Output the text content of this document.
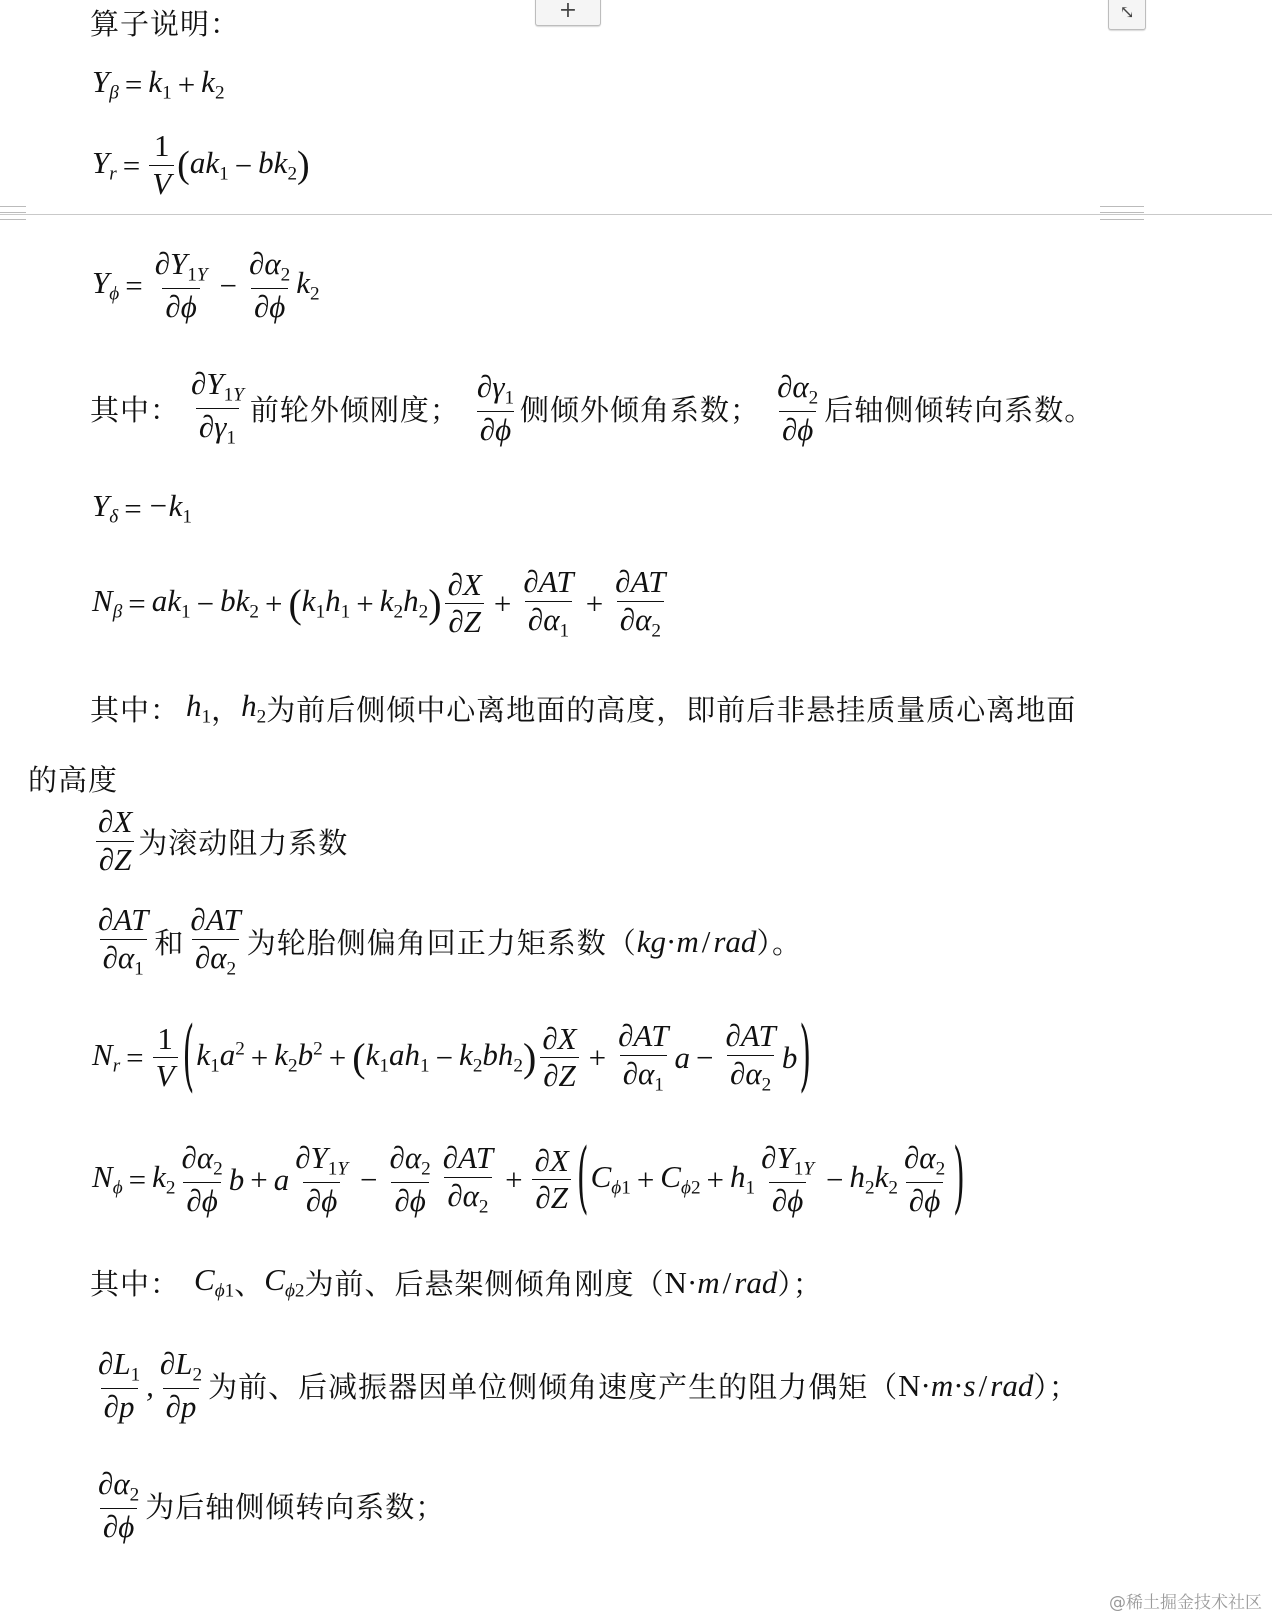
+	⤡
算子说明：
$Y_\beta = k_1 + k_2$
$Y_r = \frac{1}{V}$ ( $ak_1 - bk_2$ )
$Y_\phi = \frac{\partial Y_{1Y}}{\partial\phi} - \frac{\partial\alpha_2}{\partial\phi} k_2$
其中： $\frac{\partial Y_{1Y}}{\partial\gamma_1}$ 前轮外倾刚度； $\frac{\partial\gamma_1}{\partial\phi}$ 侧倾外倾角系数； $\frac{\partial\alpha_2}{\partial\phi}$ 后轴侧倾转向系数。
$Y_\delta = -k_1$
$N_\beta = ak_1 - bk_2$ + ( $k_1h_1 + k_2h_2$ ) $\frac{\partial X}{\partial Z} + \frac{\partial AT}{\partial\alpha_1} + \frac{\partial AT}{\partial\alpha_2}$
其中： $h_1$ ， $h_2$ 为前后侧倾中心离地面的高度，即前后非悬挂质量质心离地面
的高度
$\frac{\partial X}{\partial Z}$ 为滚动阻力系数
$\frac{\partial AT}{\partial\alpha_1}$ 和 $\frac{\partial AT}{\partial\alpha_2}$ 为轮胎侧偏角回正力矩系数（ kg·m/rad ）。
$N_r = \frac{1}{V}$ ( $k_1a^2 + k_2b^2$ + ( $k_1ah_1 - k_2bh_2$ ) $\frac{\partial X}{\partial Z} + \frac{\partial AT}{\partial\alpha_1}$ $a - \frac{\partial AT}{\partial\alpha_2}$ b )
$N_\phi = k_2 \frac{\partial\alpha_2}{\partial\phi}$ b + a $\frac{\partial Y_{1Y}}{\partial\phi} - \frac{\partial\alpha_2}{\partial\phi} \frac{\partial AT}{\partial\alpha_2} + \frac{\partial X}{\partial Z}$ ( $C_{\phi 1} + C_{\phi 2} + h_1 \frac{\partial Y_{1Y}}{\partial\phi} - h_2k_2 \frac{\partial\alpha_2}{\partial\phi}$ )
其中： $C_{\phi 1}$ 、 $C_{\phi 2}$ 为前、后悬架侧倾角刚度（ N·m/rad ）；
$\frac{\partial L_1}{\partial p}$ , $\frac{\partial L_2}{\partial p}$ 为前、后减振器因单位侧倾角速度产生的阻力偶矩（ N·m·s/rad ）；
$\frac{\partial\alpha_2}{\partial\phi}$ 为后轴侧倾转向系数；
@稀土掘金技术社区
